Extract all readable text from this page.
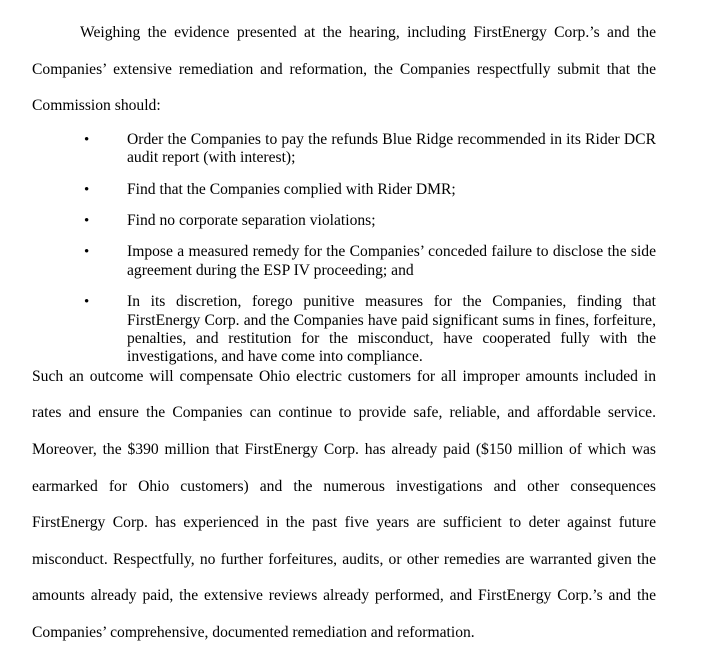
Weighing the evidence presented at the hearing, including FirstEnergy Corp.’s and the Companies’ extensive remediation and reformation, the Companies respectfully submit that the Commission should:

• Order the Companies to pay the refunds Blue Ridge recommended in its Rider DCR audit report (with interest);
• Find that the Companies complied with Rider DMR;
• Find no corporate separation violations;
• Impose a measured remedy for the Companies’ conceded failure to disclose the side agreement during the ESP IV proceeding; and
• In its discretion, forego punitive measures for the Companies, finding that FirstEnergy Corp. and the Companies have paid significant sums in fines, forfeiture, penalties, and restitution for the misconduct, have cooperated fully with the investigations, and have come into compliance.

Such an outcome will compensate Ohio electric customers for all improper amounts included in rates and ensure the Companies can continue to provide safe, reliable, and affordable service. Moreover, the $390 million that FirstEnergy Corp. has already paid ($150 million of which was earmarked for Ohio customers) and the numerous investigations and other consequences FirstEnergy Corp. has experienced in the past five years are sufficient to deter against future misconduct. Respectfully, no further forfeitures, audits, or other remedies are warranted given the amounts already paid, the extensive reviews already performed, and FirstEnergy Corp.’s and the Companies’ comprehensive, documented remediation and reformation.
